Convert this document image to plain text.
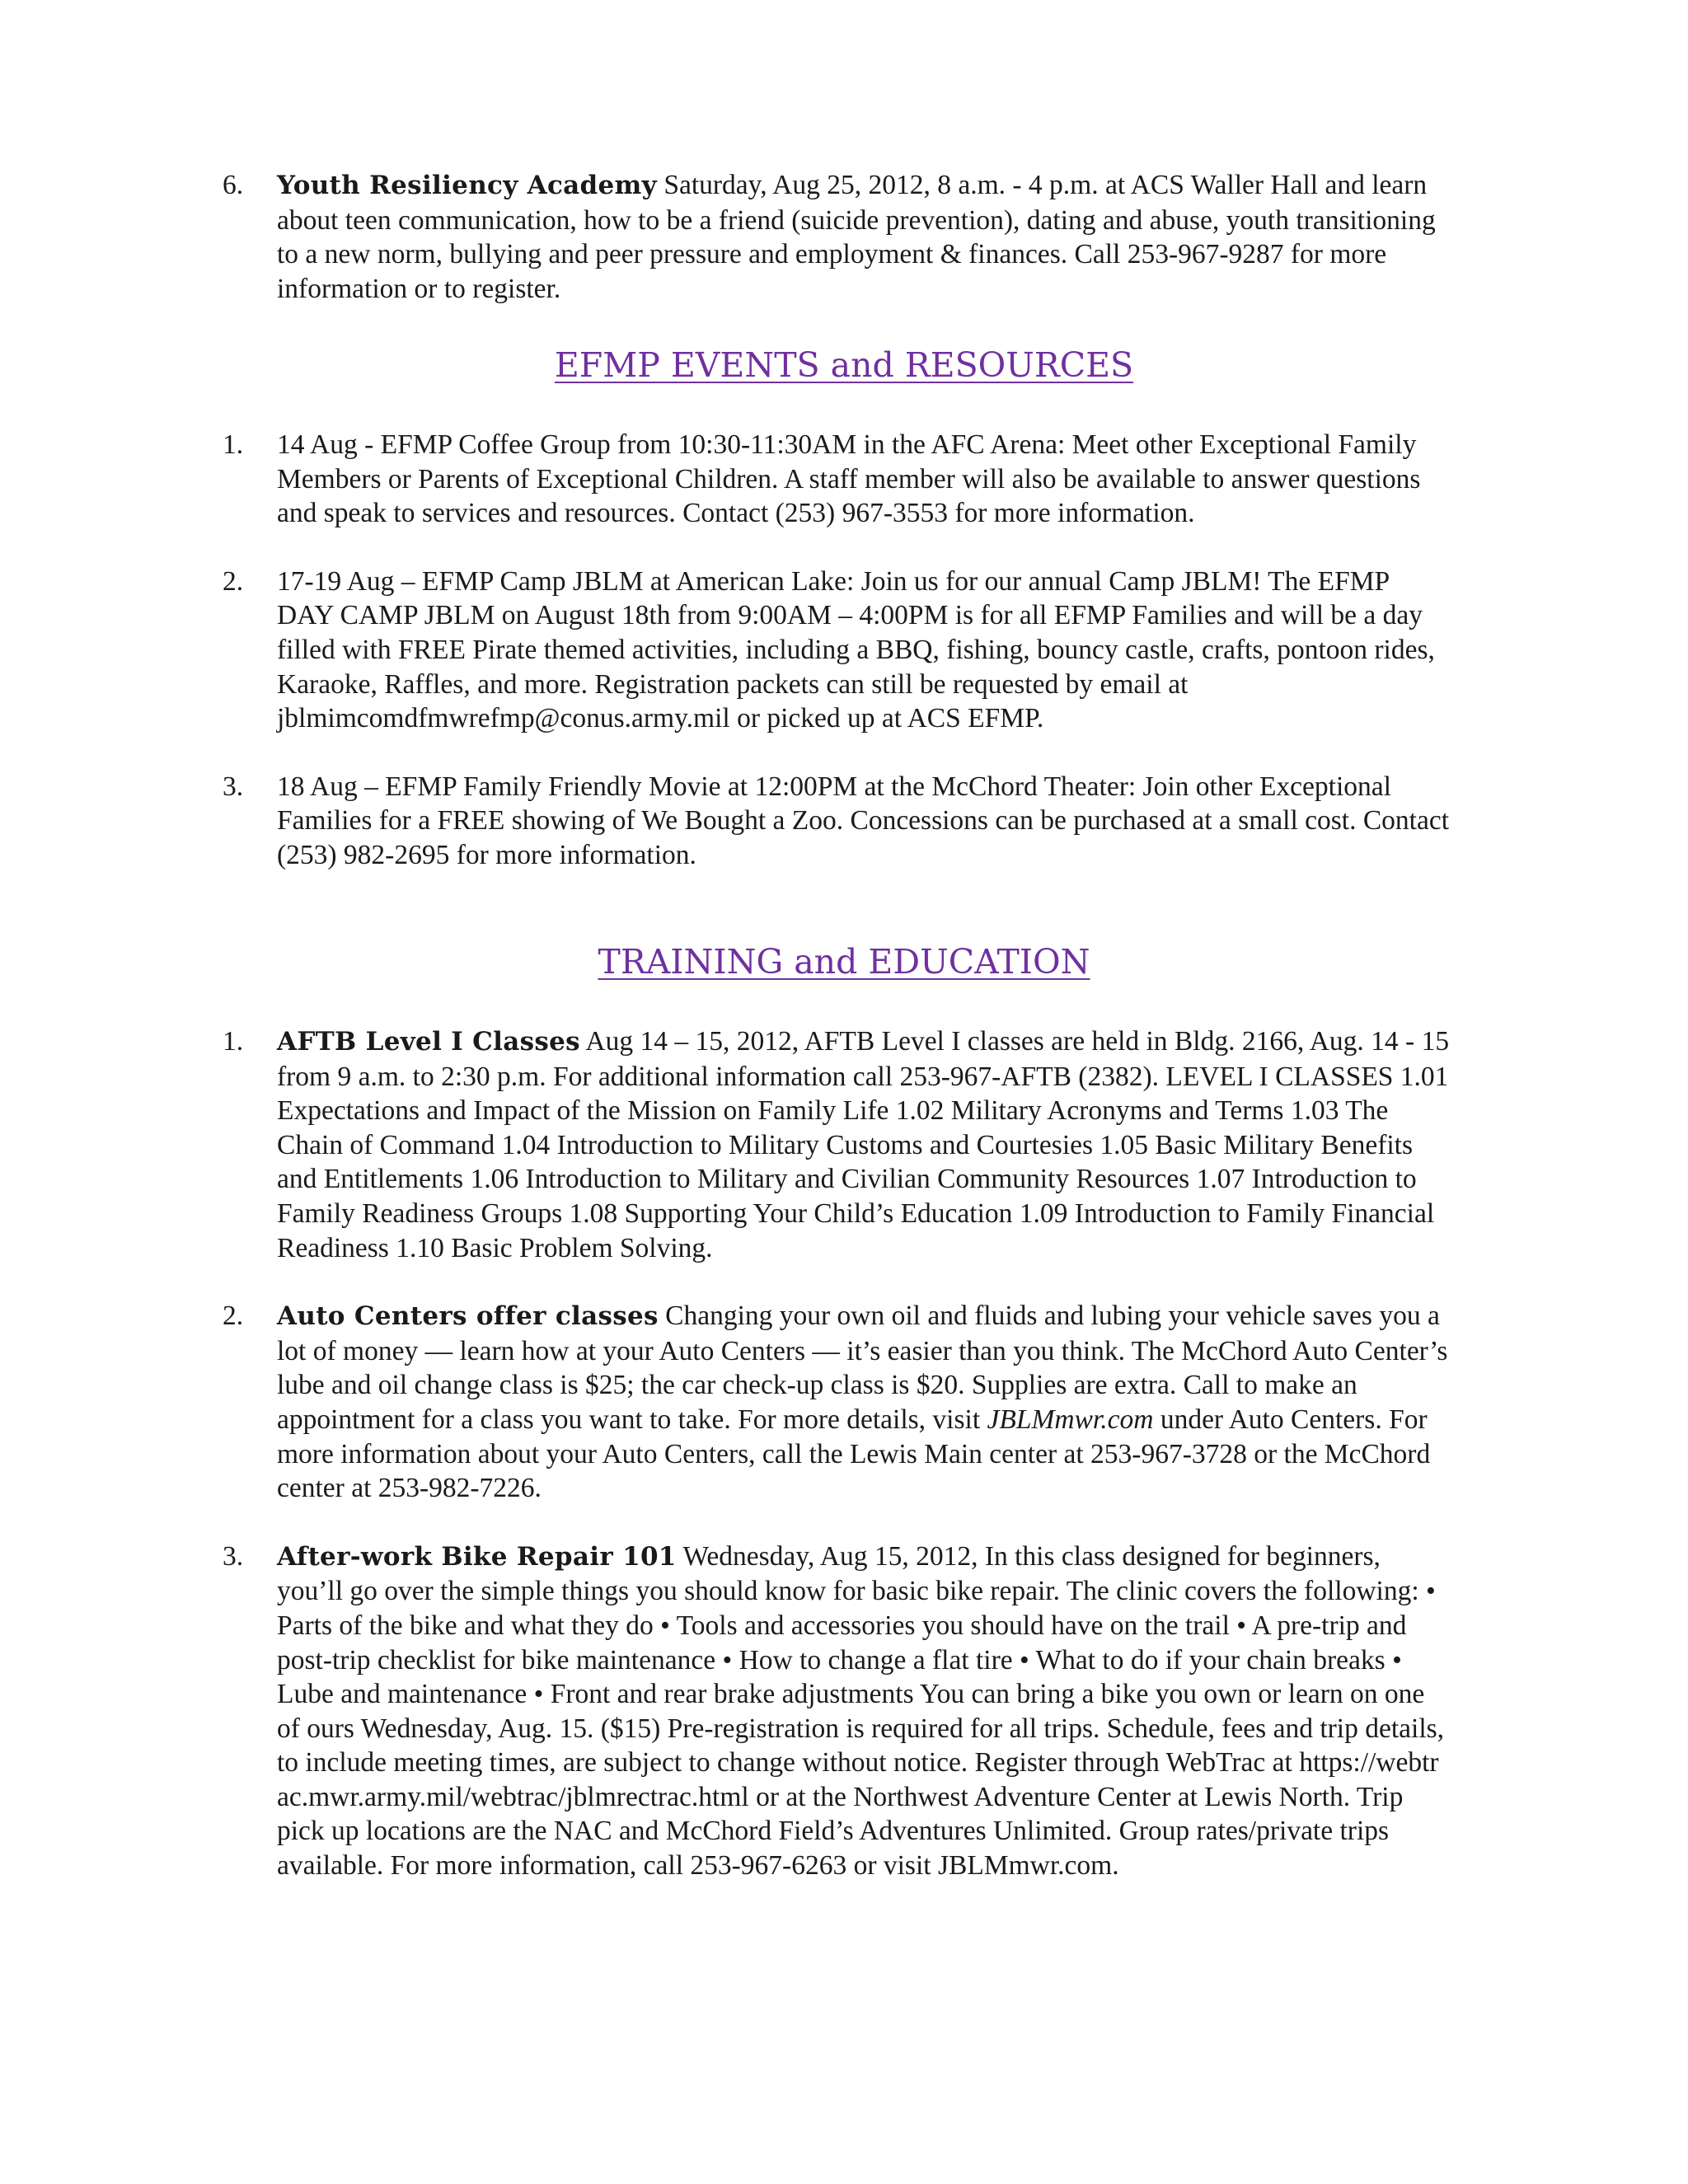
6. Youth Resiliency Academy Saturday, Aug 25, 2012, 8 a.m. - 4 p.m. at ACS Waller Hall and learn about teen communication, how to be a friend (suicide prevention), dating and abuse, youth transitioning to a new norm, bullying and peer pressure and employment & finances. Call 253-967-9287 for more information or to register.
EFMP EVENTS and RESOURCES
1. 14 Aug - EFMP Coffee Group from 10:30-11:30AM in the AFC Arena: Meet other Exceptional Family Members or Parents of Exceptional Children. A staff member will also be available to answer questions and speak to services and resources. Contact (253) 967-3553 for more information.
2. 17-19 Aug – EFMP Camp JBLM at American Lake: Join us for our annual Camp JBLM! The EFMP DAY CAMP JBLM on August 18th from 9:00AM – 4:00PM is for all EFMP Families and will be a day filled with FREE Pirate themed activities, including a BBQ, fishing, bouncy castle, crafts, pontoon rides, Karaoke, Raffles, and more. Registration packets can still be requested by email at jblmimcomdfmwrefmp@conus.army.mil or picked up at ACS EFMP.
3. 18 Aug – EFMP Family Friendly Movie at 12:00PM at the McChord Theater: Join other Exceptional Families for a FREE showing of We Bought a Zoo. Concessions can be purchased at a small cost. Contact (253) 982-2695 for more information.
TRAINING and EDUCATION
1. AFTB Level I Classes Aug 14 – 15, 2012, AFTB Level I classes are held in Bldg. 2166, Aug. 14 - 15 from 9 a.m. to 2:30 p.m. For additional information call 253-967-AFTB (2382). LEVEL I CLASSES 1.01 Expectations and Impact of the Mission on Family Life 1.02 Military Acronyms and Terms 1.03 The Chain of Command 1.04 Introduction to Military Customs and Courtesies 1.05 Basic Military Benefits and Entitlements 1.06 Introduction to Military and Civilian Community Resources 1.07 Introduction to Family Readiness Groups 1.08 Supporting Your Child’s Education 1.09 Introduction to Family Financial Readiness 1.10 Basic Problem Solving.
2. Auto Centers offer classes Changing your own oil and fluids and lubing your vehicle saves you a lot of money — learn how at your Auto Centers — it’s easier than you think. The McChord Auto Center’s lube and oil change class is $25; the car check-up class is $20. Supplies are extra. Call to make an appointment for a class you want to take. For more details, visit JBLMmwr.com under Auto Centers. For more information about your Auto Centers, call the Lewis Main center at 253-967-3728 or the McChord center at 253-982-7226.
3. After-work Bike Repair 101 Wednesday, Aug 15, 2012, In this class designed for beginners, you’ll go over the simple things you should know for basic bike repair. The clinic covers the following: • Parts of the bike and what they do • Tools and accessories you should have on the trail • A pre-trip and post-trip checklist for bike maintenance • How to change a flat tire • What to do if your chain breaks • Lube and maintenance • Front and rear brake adjustments You can bring a bike you own or learn on one of ours Wednesday, Aug. 15. ($15) Pre-registration is required for all trips. Schedule, fees and trip details, to include meeting times, are subject to change without notice. Register through WebTrac at https://webtrac.mwr.army.mil/webtrac/jblmrectrac.html or at the Northwest Adventure Center at Lewis North. Trip pick up locations are the NAC and McChord Field’s Adventures Unlimited. Group rates/private trips available. For more information, call 253-967-6263 or visit JBLMmwr.com.
